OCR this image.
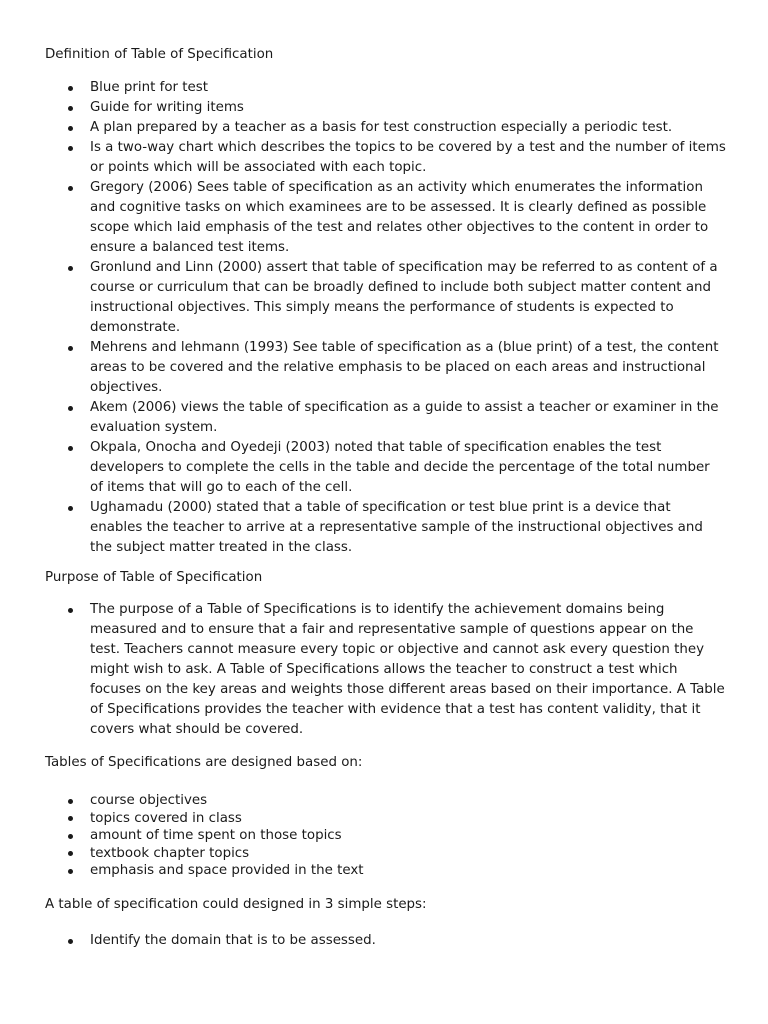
Definition of Table of Specification
Blue print for test
Guide for writing items
A plan prepared by a teacher as a basis for test construction especially a periodic test.
Is a two-way chart which describes the topics to be covered by a test and the number of items or points which will be associated with each topic.
Gregory (2006) Sees table of specification as an activity which enumerates the information and cognitive tasks on which examinees are to be assessed. It is clearly defined as possible scope which laid emphasis of the test and relates other objectives to the content in order to ensure a balanced test items.
Gronlund and Linn (2000) assert that table of specification may be referred to as content of a course or curriculum that can be broadly defined to include both subject matter content and instructional objectives. This simply means the performance of students is expected to demonstrate.
Mehrens and lehmann (1993) See table of specification as a (blue print) of a test, the content areas to be covered and the relative emphasis to be placed on each areas and instructional objectives.
Akem (2006) views the table of specification as a guide to assist a teacher or examiner in the evaluation system.
Okpala, Onocha and Oyedeji (2003) noted that table of specification enables the test developers to complete the cells in the table and decide the percentage of the total number of items that will go to each of the cell.
Ughamadu (2000) stated that a table of specification or test blue print is a device that enables the teacher to arrive at a representative sample of the instructional objectives and the subject matter treated in the class.
Purpose of Table of Specification
The purpose of a Table of Specifications is to identify the achievement domains being measured and to ensure that a fair and representative sample of questions appear on the test. Teachers cannot measure every topic or objective and cannot ask every question they might wish to ask. A Table of Specifications allows the teacher to construct a test which focuses on the key areas and weights those different areas based on their importance. A Table of Specifications provides the teacher with evidence that a test has content validity, that it covers what should be covered.
Tables of Specifications are designed based on:
course objectives
topics covered in class
amount of time spent on those topics
textbook chapter topics
emphasis and space provided in the text
A table of specification could designed in 3 simple steps:
Identify the domain that is to be assessed.
